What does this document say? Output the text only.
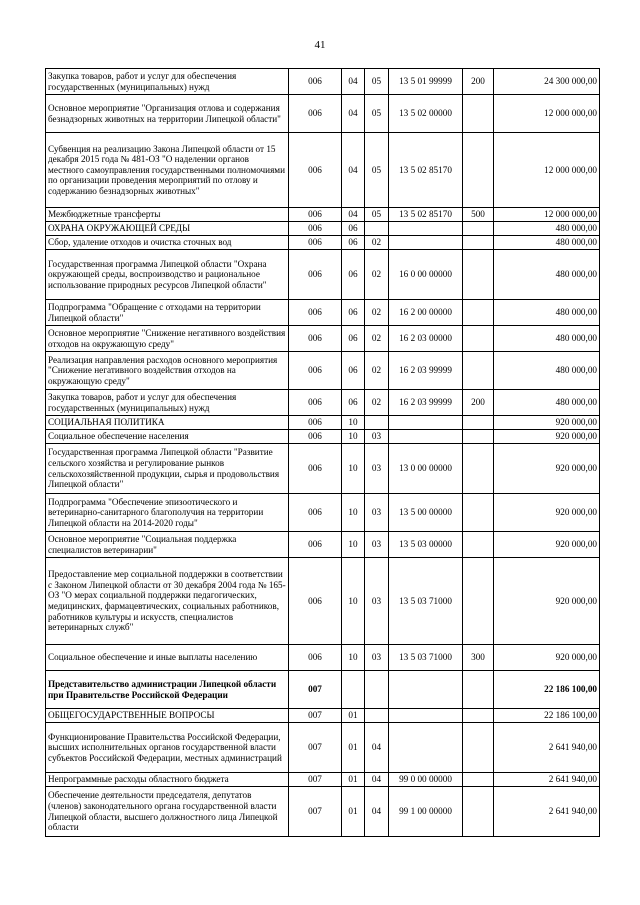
41
Закупка товаров, работ и услуг для обеспечения государственных (муниципальных) нужд	006	04	05	13 5 01 99999	200	24 300 000,00
Основное мероприятие "Организация отлова и содержания безнадзорных животных на территории Липецкой области"	006	04	05	13 5 02 00000		12 000 000,00
Субвенция на реализацию Закона Липецкой области от 15 декабря 2015 года № 481-ОЗ "О наделении органов местного самоуправления государственными полномочиями по организации проведения мероприятий по отлову и содержанию безнадзорных животных"	006	04	05	13 5 02 85170		12 000 000,00
Межбюджетные трансферты	006	04	05	13 5 02 85170	500	12 000 000,00
ОХРАНА ОКРУЖАЮЩЕЙ СРЕДЫ	006	06				480 000,00
Сбор, удаление отходов и очистка сточных вод	006	06	02			480 000,00
Государственная программа Липецкой области "Охрана окружающей среды, воспроизводство и рациональное использование природных ресурсов Липецкой области"	006	06	02	16 0 00 00000		480 000,00
Подпрограмма "Обращение с отходами на территории Липецкой области"	006	06	02	16 2 00 00000		480 000,00
Основное мероприятие "Снижение негативного воздействия отходов на окружающую среду"	006	06	02	16 2 03 00000		480 000,00
Реализация направления расходов основного мероприятия "Снижение негативного воздействия отходов на окружающую среду"	006	06	02	16 2 03 99999		480 000,00
Закупка товаров, работ и услуг для обеспечения государственных (муниципальных) нужд	006	06	02	16 2 03 99999	200	480 000,00
СОЦИАЛЬНАЯ ПОЛИТИКА	006	10				920 000,00
Социальное обеспечение населения	006	10	03			920 000,00
Государственная программа Липецкой области "Развитие сельского хозяйства и регулирование рынков сельскохозяйственной продукции, сырья и продовольствия Липецкой области"	006	10	03	13 0 00 00000		920 000,00
Подпрограмма "Обеспечение эпизоотического и ветеринарно-санитарного благополучия на территории Липецкой области на 2014-2020 годы"	006	10	03	13 5 00 00000		920 000,00
Основное мероприятие "Социальная поддержка специалистов ветеринарии"	006	10	03	13 5 03 00000		920 000,00
Предоставление мер социальной поддержки в соответствии с Законом Липецкой области от 30 декабря 2004 года № 165-ОЗ "О мерах социальной поддержки педагогических, медицинских, фармацевтических, социальных работников, работников культуры и искусств, специалистов ветеринарных служб"	006	10	03	13 5 03 71000		920 000,00
Социальное обеспечение и иные выплаты населению	006	10	03	13 5 03 71000	300	920 000,00
Представительство администрации Липецкой области при Правительстве Российской Федерации	007					22 186 100,00
ОБЩЕГОСУДАРСТВЕННЫЕ ВОПРОСЫ	007	01				22 186 100,00
Функционирование Правительства Российской Федерации, высших исполнительных органов государственной власти субъектов Российской Федерации, местных администраций	007	01	04			2 641 940,00
Непрограммные расходы областного бюджета	007	01	04	99 0 00 00000		2 641 940,00
Обеспечение деятельности председателя, депутатов (членов) законодательного органа государственной власти Липецкой области, высшего должностного лица Липецкой области	007	01	04	99 1 00 00000		2 641 940,00
